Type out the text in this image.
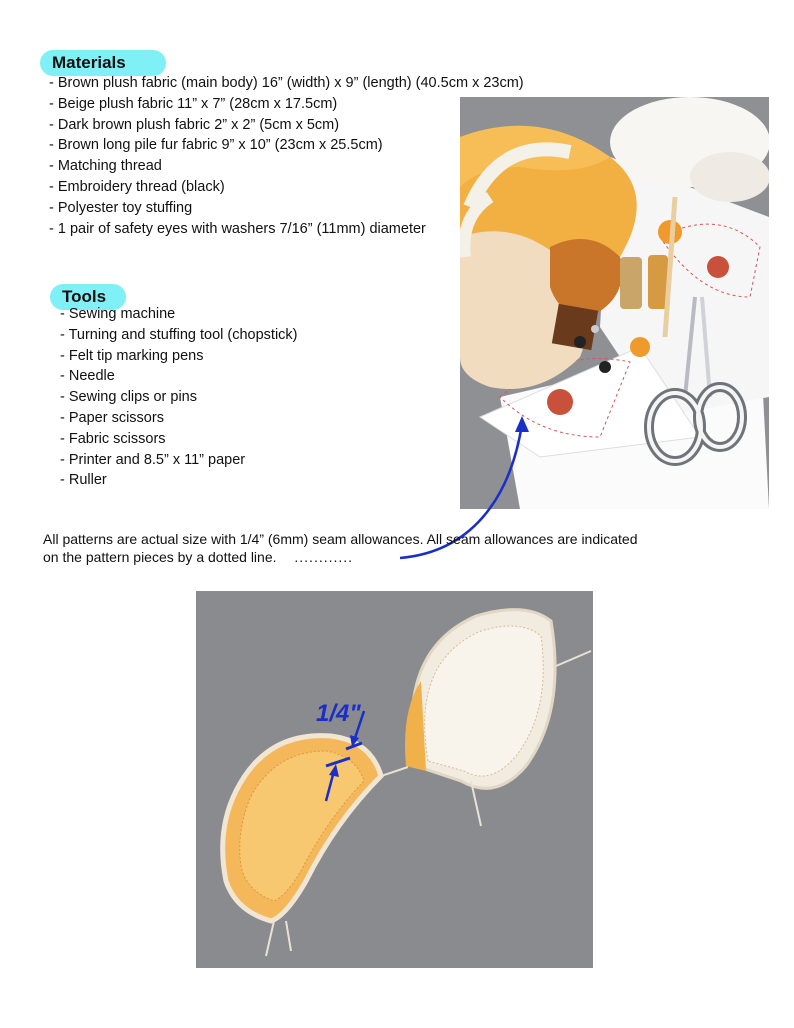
Materials
- Brown plush fabric (main body) 16” (width) x 9” (length) (40.5cm x 23cm)
- Beige plush fabric 11” x 7” (28cm x 17.5cm)
- Dark brown plush fabric 2” x 2” (5cm x 5cm)
- Brown long pile fur fabric 9” x 10” (23cm x 25.5cm)
- Matching thread
- Embroidery thread (black)
- Polyester toy stuffing
- 1 pair of safety eyes with washers 7/16” (11mm) diameter
Tools
- Sewing machine
- Turning and stuffing tool (chopstick)
- Felt tip marking pens
- Needle
- Sewing clips or pins
- Paper scissors
- Fabric scissors
- Printer and 8.5” x 11” paper
- Ruller
All patterns are actual size with 1/4” (6mm) seam allowances. All seam allowances are indicated
on the pattern pieces by a dotted line. ............
1/4"
